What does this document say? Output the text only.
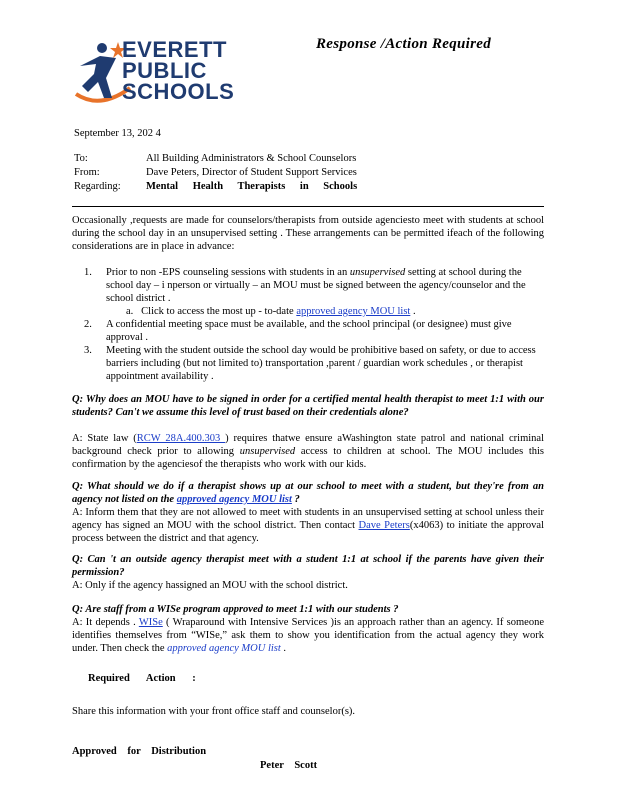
EVERETT
PUBLIC
SCHOOLS
Response /Action Required
September 13, 202 4
To:	All Building Administrators & School Counselors
From:	Dave Peters, Director of Student Support Services
Regarding: Mental Health Therapists in Schools
Occasionally ,requests are made for counselors/therapists from outside agenciesto meet with students at school during the school day in an unsupervised setting . These arrangements can be permitted ifeach of the following considerations are in place in advance:
1. Prior to non -EPS counseling sessions with students in an unsupervised setting at school during the school day – i nperson or virtually – an MOU must be signed between the agency/counselor and the school district .
a. Click to access the most up - to-date approved agency MOU list .
2. A confidential meeting space must be available, and the school principal (or designee) must give approval .
3. Meeting with the student outside the school day would be prohibitive based on safety, or due to access barriers including (but not limited to) transportation ,parent / guardian work schedules , or therapist appointment availability .
Q: Why does an MOU have to be signed in order for a certified mental health therapist to meet 1:1 with our students? Can't we assume this level of trust based on their credentials alone?
A: State law (RCW 28A.400.303 ) requires thatwe ensure aWashington state patrol and national criminal background check prior to allowing unsupervised access to children at school. The MOU includes this confirmation by the agenciesof the therapists who work with our kids.
Q: What should we do if a therapist shows up at our school to meet with a student, but they're from an agency not listed on the approved agency MOU list ?
A: Inform them that they are not allowed to meet with students in an unsupervised setting at school unless their agency has signed an MOU with the school district. Then contact Dave Peters(x4063) to initiate the approval process between the district and that agency.
Q: Can 't an outside agency therapist meet with a student 1:1 at school if the parents have given their permission?
A: Only if the agency hassigned an MOU with the school district.
Q: Are staff from a WISe program approved to meet 1:1 with our students ?
A: It depends . WISe ( Wraparound with Intensive Services )is an approach rather than an agency. If someone identifies themselves from “WISe,” ask them to show you identification from the actual agency they work under. Then check the approved agency MOU list .
Required Action :
Share this information with your front office staff and counselor(s).
Approved for Distribution
Peter Scott
